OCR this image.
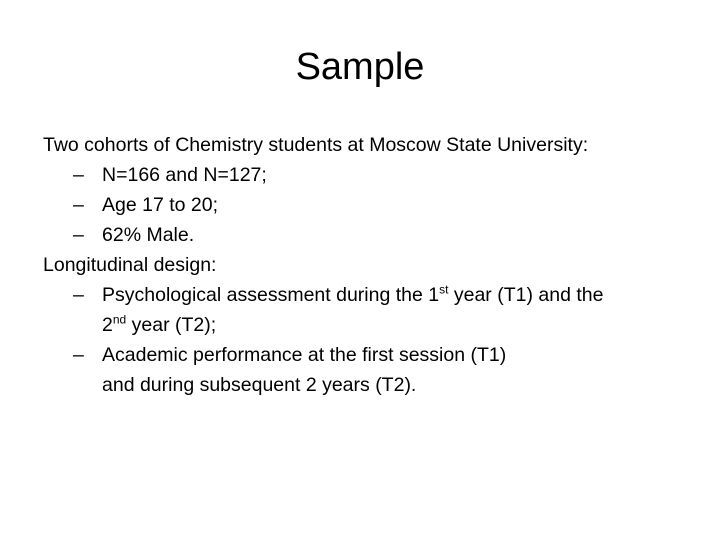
Sample

Two cohorts of Chemistry students at Moscow State University:

– N=166 and N=127;

– Age 17 to 20;

– 62% Male.

Longitudinal design:

– Psychological assessment during the 1st year (T1) and the

2nd year (T2);

– Academic performance at the first session (T1)

and during subsequent 2 years (T2).
